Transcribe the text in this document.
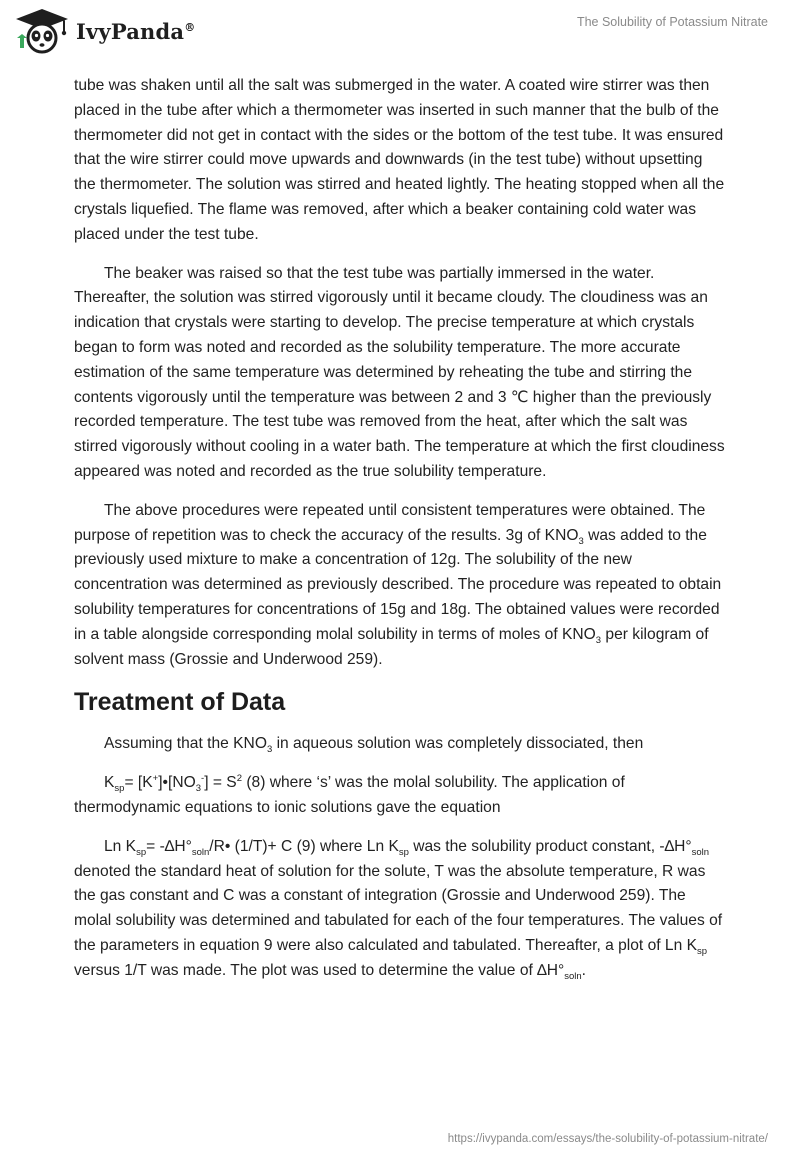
IvyPanda®	The Solubility of Potassium Nitrate

tube was shaken until all the salt was submerged in the water. A coated wire stirrer was then placed in the tube after which a thermometer was inserted in such manner that the bulb of the thermometer did not get in contact with the sides or the bottom of the test tube. It was ensured that the wire stirrer could move upwards and downwards (in the test tube) without upsetting the thermometer. The solution was stirred and heated lightly. The heating stopped when all the crystals liquefied. The flame was removed, after which a beaker containing cold water was placed under the test tube.

The beaker was raised so that the test tube was partially immersed in the water. Thereafter, the solution was stirred vigorously until it became cloudy. The cloudiness was an indication that crystals were starting to develop. The precise temperature at which crystals began to form was noted and recorded as the solubility temperature. The more accurate estimation of the same temperature was determined by reheating the tube and stirring the contents vigorously until the temperature was between 2 and 3 ℃ higher than the previously recorded temperature. The test tube was removed from the heat, after which the salt was stirred vigorously without cooling in a water bath. The temperature at which the first cloudiness appeared was noted and recorded as the true solubility temperature.

The above procedures were repeated until consistent temperatures were obtained. The purpose of repetition was to check the accuracy of the results. 3g of $KNO_3$ was added to the previously used mixture to make a concentration of 12g. The solubility of the new concentration was determined as previously described. The procedure was repeated to obtain solubility temperatures for concentrations of 15g and 18g. The obtained values were recorded in a table alongside corresponding molal solubility in terms of moles of $KNO_3$ per kilogram of solvent mass (Grossie and Underwood 259).

Treatment of Data

Assuming that the $KNO_3$ in aqueous solution was completely dissociated, then

$K_{sp}=$ $[K^+]•[NO_3^-] = S^2$ (8) where ‘s’ was the molal solubility. The application of thermodynamic equations to ionic solutions gave the equation

Ln $K_{sp}=$ $-\Delta H^\circ_{soln}/R•$ (1/T)+ C (9) where Ln $K_{sp}$ was the solubility product constant, $-\Delta H^\circ_{soln}$ denoted the standard heat of solution for the solute, T was the absolute temperature, R was the gas constant and C was a constant of integration (Grossie and Underwood 259). The molal solubility was determined and tabulated for each of the four temperatures. The values of the parameters in equation 9 were also calculated and tabulated. Thereafter, a plot of Ln $K_{sp}$ versus 1/T was made. The plot was used to determine the value of $\Delta H^\circ_{soln}$.

https://ivypanda.com/essays/the-solubility-of-potassium-nitrate/
